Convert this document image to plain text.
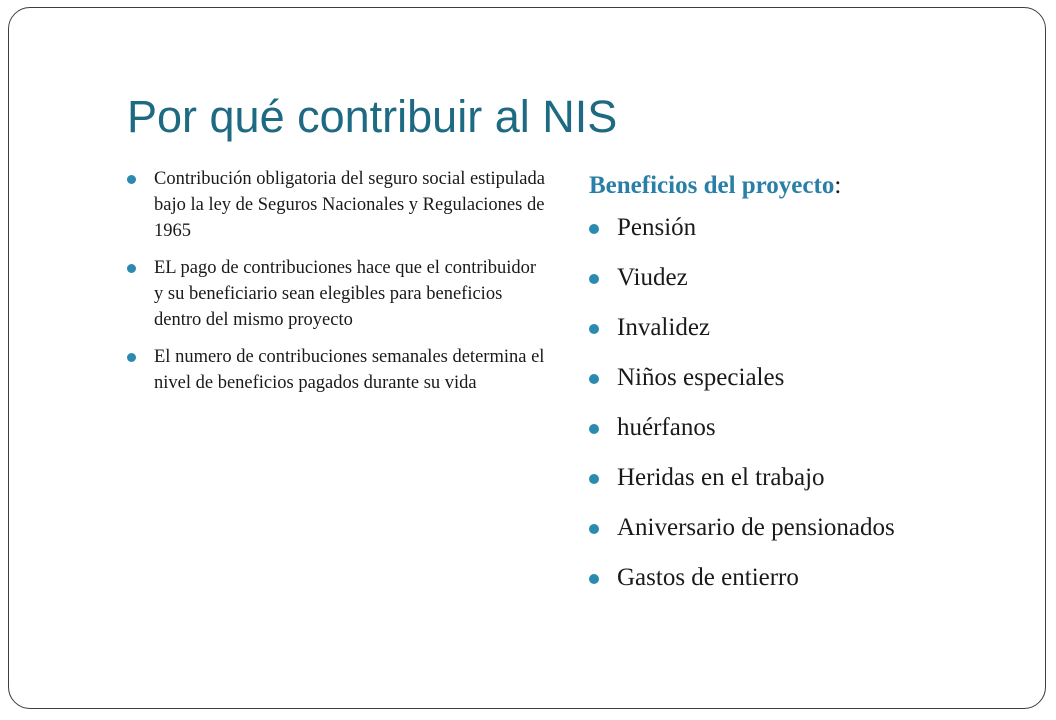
Por qué contribuir al NIS
Contribución obligatoria del seguro social estipulada bajo la ley de Seguros Nacionales y Regulaciones de 1965
EL pago de contribuciones hace que el contribuidor y su beneficiario sean elegibles para beneficios dentro del mismo proyecto
El numero de contribuciones semanales determina el nivel de beneficios pagados durante su vida

Beneficios del proyecto:

Pensión
Viudez
Invalidez
Niños especiales
huérfanos
Heridas en el trabajo
Aniversario de pensionados
Gastos de entierro
